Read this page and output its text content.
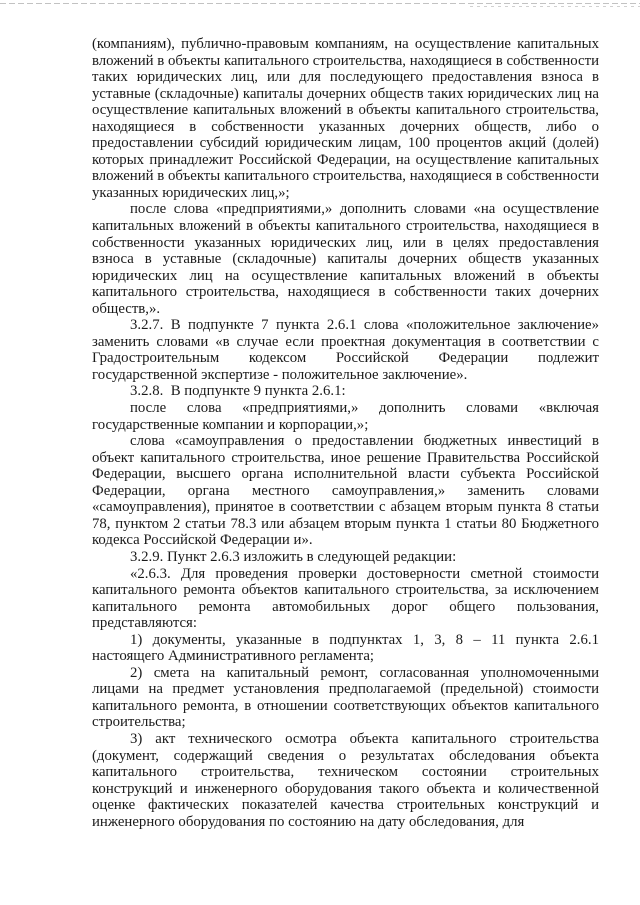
(компаниям), публично-правовым компаниям, на осуществление капитальных вложений в объекты капитального строительства, находящиеся в собственности таких юридических лиц, или для последующего предоставления взноса в уставные (складочные) капиталы дочерних обществ таких юридических лиц на осуществление капитальных вложений в объекты капитального строительства, находящиеся в собственности указанных дочерних обществ, либо о предоставлении субсидий юридическим лицам, 100 процентов акций (долей) которых принадлежит Российской Федерации, на осуществление капитальных вложений в объекты капитального строительства, находящиеся в собственности указанных юридических лиц,»;

после слова «предприятиями,» дополнить словами «на осуществление капитальных вложений в объекты капитального строительства, находящиеся в собственности указанных юридических лиц, или в целях предоставления взноса в уставные (складочные) капиталы дочерних обществ указанных юридических лиц на осуществление капитальных вложений в объекты капитального строительства, находящиеся в собственности таких дочерних обществ,».

3.2.7. В подпункте 7 пункта 2.6.1 слова «положительное заключение» заменить словами «в случае если проектная документация в соответствии с Градостроительным кодексом Российской Федерации подлежит государственной экспертизе - положительное заключение».

3.2.8.  В подпункте 9 пункта 2.6.1:

после слова «предприятиями,» дополнить словами «включая государственные компании и корпорации,»;

слова «самоуправления о предоставлении бюджетных инвестиций в объект капитального строительства, иное решение Правительства Российской Федерации, высшего органа исполнительной власти субъекта Российской Федерации, органа местного самоуправления,» заменить словами «самоуправления), принятое в соответствии с абзацем вторым пункта 8 статьи 78, пунктом 2 статьи 78.3 или абзацем вторым пункта 1 статьи 80 Бюджетного кодекса Российской Федерации и».

3.2.9. Пункт 2.6.3 изложить в следующей редакции:

«2.6.3. Для проведения проверки достоверности сметной стоимости капитального ремонта объектов капитального строительства, за исключением капитального ремонта автомобильных дорог общего пользования, представляются:

1) документы, указанные в подпунктах 1, 3, 8 – 11 пункта 2.6.1 настоящего Административного регламента;

2) смета на капитальный ремонт, согласованная уполномоченными лицами на предмет установления предполагаемой (предельной) стоимости капитального ремонта, в отношении соответствующих объектов капитального строительства;

3) акт технического осмотра объекта капитального строительства (документ, содержащий сведения о результатах обследования объекта капитального строительства, техническом состоянии строительных конструкций и инженерного оборудования такого объекта и количественной оценке фактических показателей качества строительных конструкций и инженерного оборудования по состоянию на дату обследования, для
